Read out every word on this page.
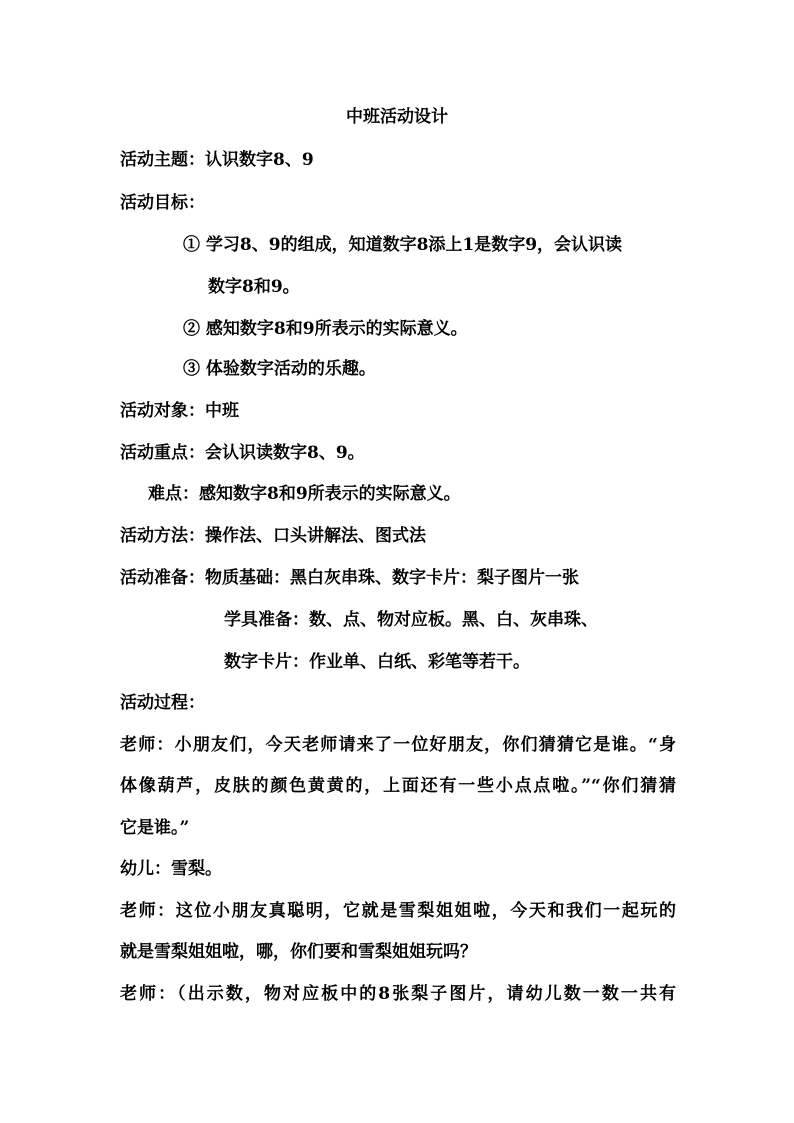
中班活动设计
活动主题：认识数字8、9
活动目标：
① 学习8、9的组成，知道数字8添上1是数字9，会认识读
数字8和9。
② 感知数字8和9所表示的实际意义。
③ 体验数字活动的乐趣。
活动对象：中班
活动重点：会认识读数字8、9。
难点：感知数字8和9所表示的实际意义。
活动方法：操作法、口头讲解法、图式法
活动准备：物质基础：黑白灰串珠、数字卡片：梨子图片一张
学具准备：数、点、物对应板。黑、白、灰串珠、
数字卡片：作业单、白纸、彩笔等若干。
活动过程：
老师：小朋友们，今天老师请来了一位好朋友，你们猜猜它是谁。“身
体像葫芦，皮肤的颜色黄黄的，上面还有一些小点点啦。”“你们猜猜
它是谁。”
幼儿：雪梨。
老师：这位小朋友真聪明，它就是雪梨姐姐啦，今天和我们一起玩的
就是雪梨姐姐啦，哪，你们要和雪梨姐姐玩吗？
老师：（出示数，物对应板中的8张梨子图片，请幼儿数一数一共有
